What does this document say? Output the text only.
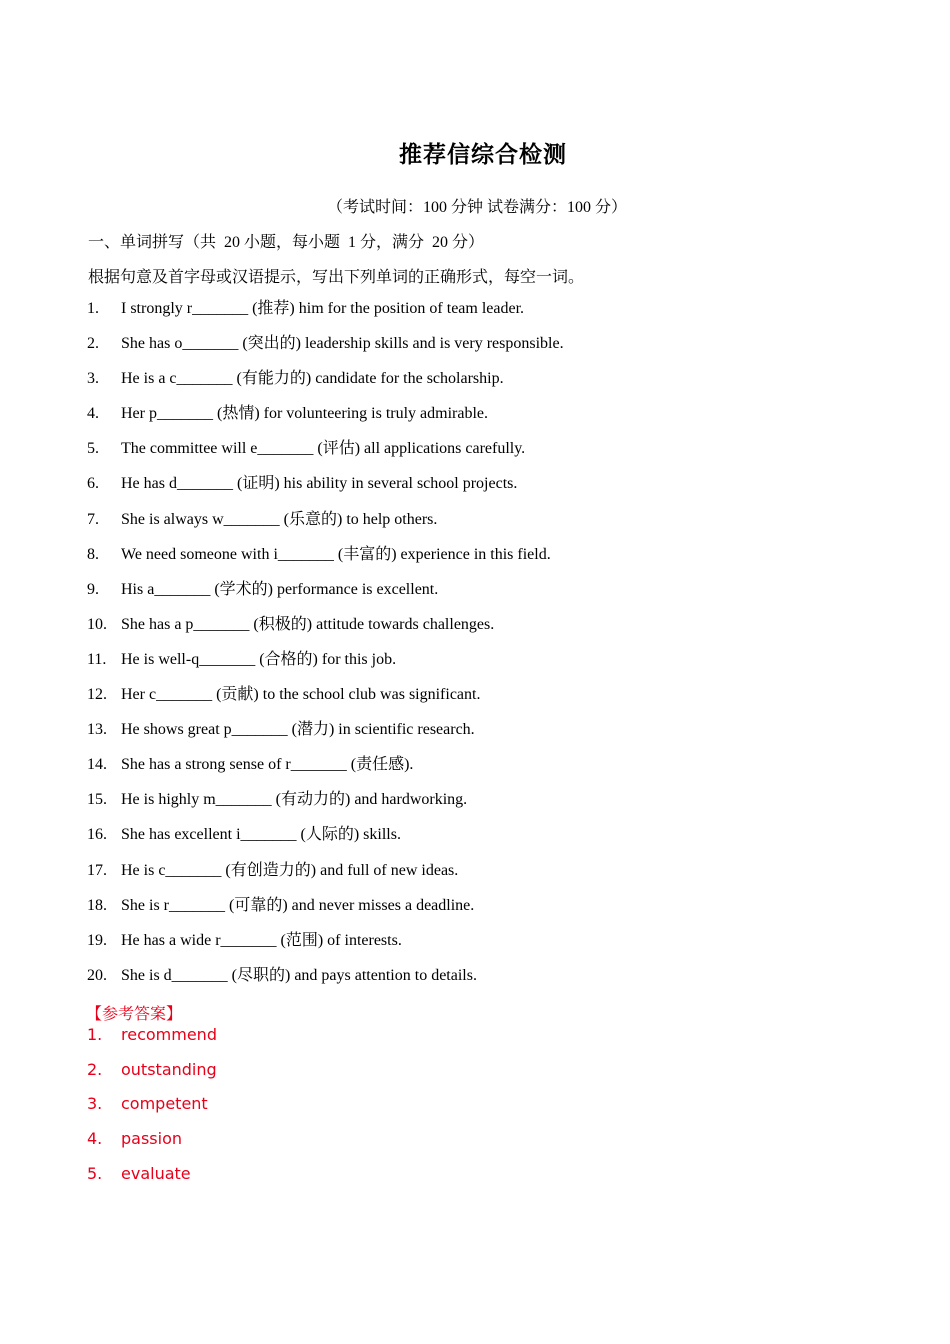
推荐信综合检测
（考试时间：100 分钟 试卷满分：100 分）
一、单词拼写（共  20 小题，每小题  1 分，满分  20 分）
根据句意及首字母或汉语提示，写出下列单词的正确形式，每空一词。
1. I strongly r_______ (推荐) him for the position of team leader.
2. She has o_______ (突出的) leadership skills and is very responsible.
3. He is a c_______ (有能力的) candidate for the scholarship.
4. Her p_______ (热情) for volunteering is truly admirable.
5. The committee will e_______ (评估) all applications carefully.
6. He has d_______ (证明) his ability in several school projects.
7. She is always w_______ (乐意的) to help others.
8. We need someone with i_______ (丰富的) experience in this field.
9. His a_______ (学术的) performance is excellent.
10. She has a p_______ (积极的) attitude towards challenges.
11. He is well-q_______ (合格的) for this job.
12. Her c_______ (贡献) to the school club was significant.
13. He shows great p_______ (潜力) in scientific research.
14. She has a strong sense of r_______ (责任感).
15. He is highly m_______ (有动力的) and hardworking.
16. She has excellent i_______ (人际的) skills.
17. He is c_______ (有创造力的) and full of new ideas.
18. She is r_______ (可靠的) and never misses a deadline.
19. He has a wide r_______ (范围) of interests.
20. She is d_______ (尽职的) and pays attention to details.
【参考答案】
1. recommend
2. outstanding
3. competent
4. passion
5. evaluate
